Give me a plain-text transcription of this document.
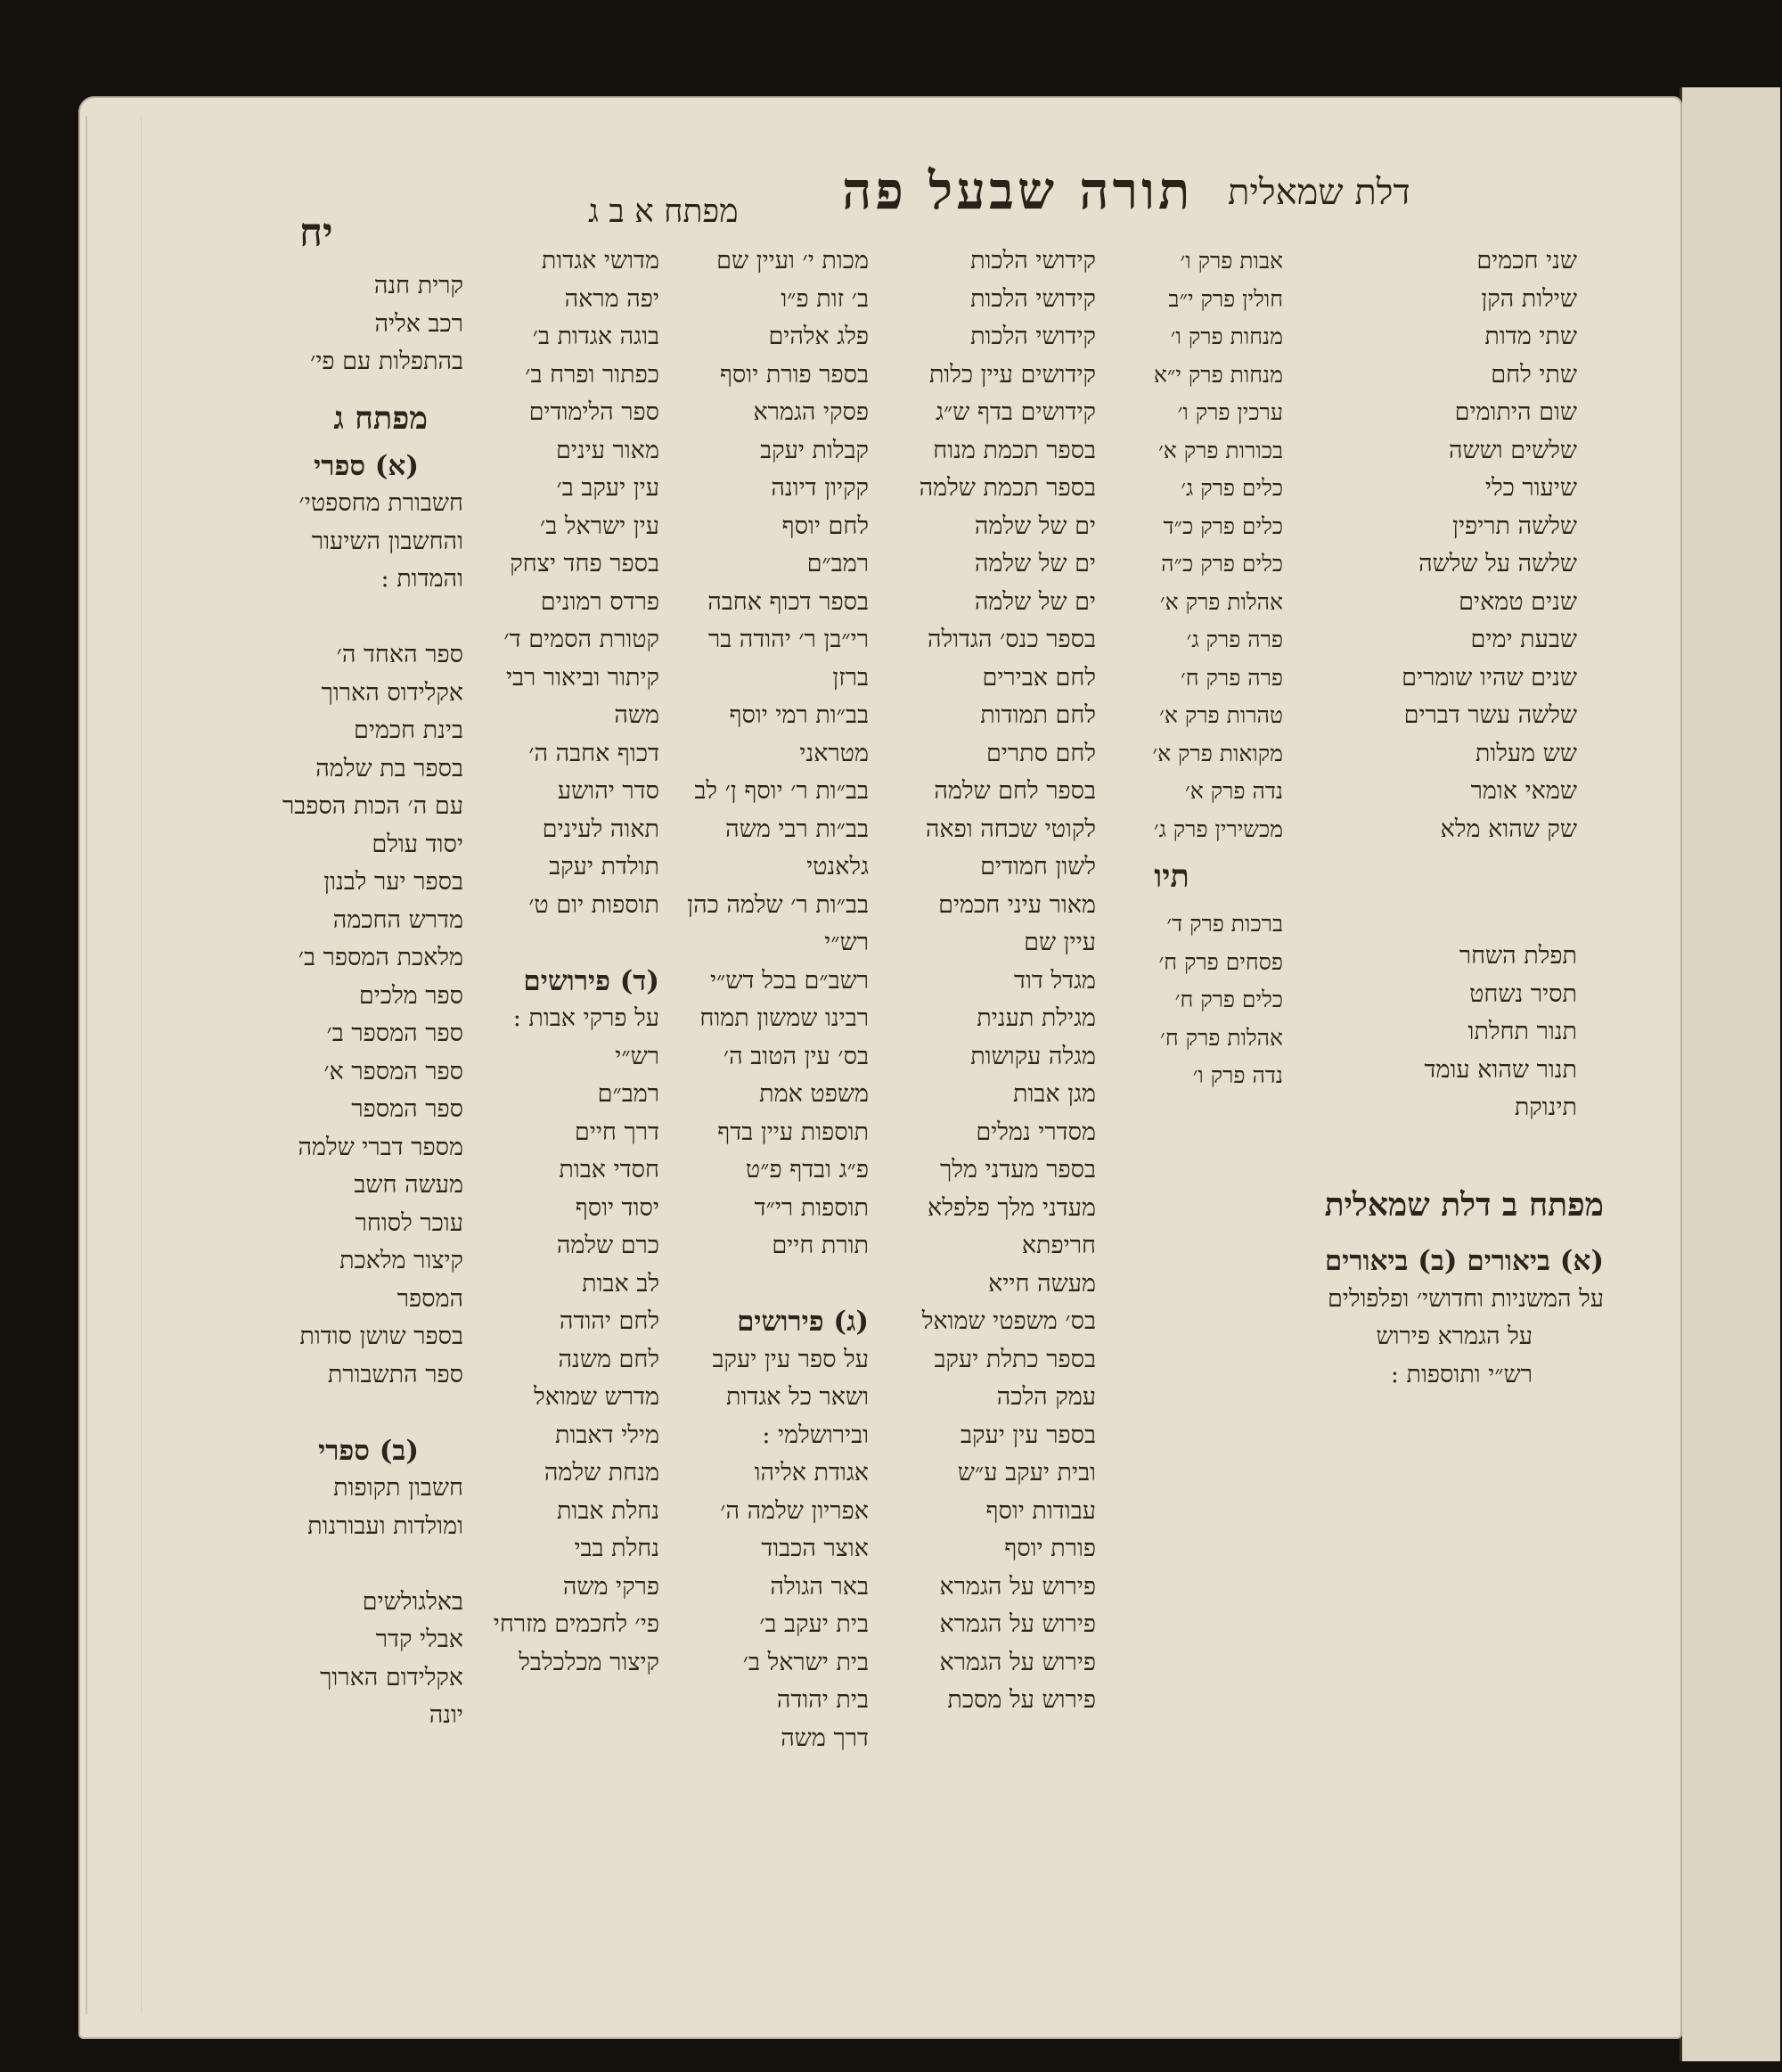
דלת שמאלית
תורה שבעל פה
מפתח א ב ג
יח
שני חכמים
שילות הקן
שתי מדות
שתי לחם
שום היתומים
שלשים וששה
שיעור כלי
שלשה תריפין
שלשה על שלשה
שנים טמאים
שבעת ימים
שנים שהיו שומרים
שלשה עשר דברים
שש מעלות
שמאי אומר
שק שהוא מלא
תפלת השחר
תסיר נשחט
תנור תחלתו
תנור שהוא עומד
תינוקת
אבות פרק ו׳
חולין פרק י״ב
מנחות פרק ו׳
מנחות פרק י״א
ערכין פרק ו׳
בכורות פרק א׳
כלים פרק ג׳
כלים פרק כ״ד
כלים פרק כ״ה
אהלות פרק א׳
פרה פרק ג׳
פרה פרק ח׳
טהרות פרק א׳
מקואות פרק א׳
נדה פרק א׳
מכשירין פרק ג׳
תיו
ברכות פרק ד׳
פסחים פרק ח׳
כלים פרק ח׳
אהלות פרק ח׳
נדה פרק ו׳
מפתח ב דלת שמאלית
(א) ביאורים (ב) ביאורים
על המשניות וחדושי׳ ופלפולים
על הגמרא פירוש
רש״י ותוספות :
קידושי הלכות
קידושי הלכות
קידושי הלכות
קידושים עיין כלות
קידושים בדף ש״ג
בספר תכמת מנוח
בספר תכמת שלמה
ים של שלמה
ים של שלמה
ים של שלמה
בספר כנס׳ הגדולה
לחם אבירים
לחם תמודות
לחם סתרים
בספר לחם שלמה
לקוטי שכחה ופאה
לשון חמודים
מאור עיני חכמים
עיין שם
מגדל דוד
מגילת תענית
מגלה עקושות
מגן אבות
מסדרי נמלים
בספר מעדני מלך
מעדני מלך פלפלא
חריפתא
מעשה חייא
בס׳ משפטי שמואל
בספר כתלת יעקב
עמק הלכה
בספר עין יעקב
ובית יעקב ע״ש
עבודות יוסף
פורת יוסף
פירוש על הגמרא
פירוש על הגמרא
פירוש על הגמרא
פירוש על מסכת
מכות י׳ ועיין שם
ב׳ זות פ״ו
פלג אלהים
בספר פורת יוסף
פסקי הגמרא
קבלות יעקב
קקיון דיונה
לחם יוסף
רמב״ם
בספר דכוף אחבה
רי״בן ר׳ יהודה בר
ברזן
בב״ות רמי יוסף
מטראני
בב״ות ר׳ יוסף ן׳ לב
בב״ות רבי משה
גלאנטי
בב״ות ר׳ שלמה כהן
רש״י
רשב״ם בכל דש״י
רבינו שמשון תמוח
בס׳ עין הטוב ה׳
משפט אמת
תוספות עיין בדף
פ״ג ובדף פ״ט
תוספות רי״ד
תורת חיים
(ג) פירושים
על ספר עין יעקב
ושאר כל אגדות
ובירושלמי :
אגודת אליהו
אפריון שלמה ה׳
אוצר הכבוד
באר הגולה
בית יעקב ב׳
בית ישראל ב׳
בית יהודה
דרך משה
מדושי אגדות
יפה מראה
בוגה אגדות ב׳
כפתור ופרח ב׳
ספר הלימודים
מאור עינים
עין יעקב ב׳
עין ישראל ב׳
בספר פחד יצחק
פרדס רמונים
קטורת הסמים ד׳
קיתור וביאור רבי
משה
דכוף אחבה ה׳
סדר יהושע
תאוה לעינים
תולדת יעקב
תוספות יום ט׳
(ד) פירושים
על פרקי אבות :
רש״י
רמב״ם
דרך חיים
חסדי אבות
יסוד יוסף
כרם שלמה
לב אבות
לחם יהודה
לחם משנה
מדרש שמואל
מילי דאבות
מנחת שלמה
נחלת אבות
נחלת בבי
פרקי משה
פי׳ לחכמים מזרחי
קיצור מכלכלבל
קרית חנה
רכב אליה
בהתפלות עם פי׳
מפתח ג
(א) ספרי
חשבורת מחספטי׳
והחשבון השיעור
והמדות :
ספר האחד ה׳
אקלידוס הארוך
בינת חכמים
בספר בת שלמה
עם ה׳ הכות הספבר
יסוד עולם
בספר יער לבנון
מדרש החכמה
מלאכת המספר ב׳
ספר מלכים
ספר המספר ב׳
ספר המספר א׳
ספר המספר
מספר דברי שלמה
מעשה חשב
עוכר לסוחר
קיצור מלאכת
המספר
בספר שושן סודות
ספר התשבורת
(ב) ספרי
חשבון תקופות
ומולדות ועבורנות
באלגולשים
אבלי קדר
אקלידום הארוך
יונה
